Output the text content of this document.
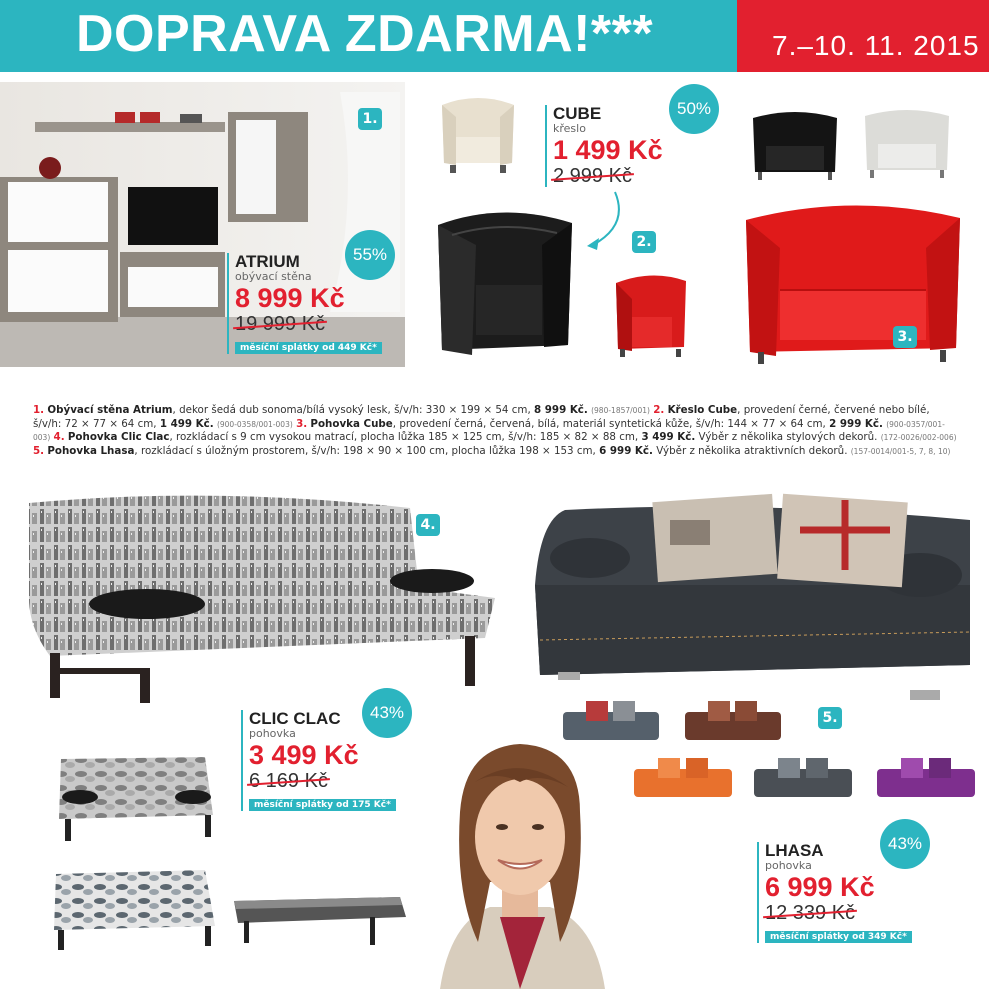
DOPRAVA ZDARMA!***	7.–10. 11. 2015
1.
55%
ATRIUM
obývací stěna
8 999 Kč
19 999 Kč
měsíční splátky od 449 Kč*
50%
CUBE
křeslo
1 499 Kč
2 999 Kč
2.
3.
1. Obývací stěna Atrium, dekor šedá dub sonoma/bílá vysoký lesk, š/v/h: 330 × 199 × 54 cm, 8 999 Kč. (980-1857/001) 2. Křeslo Cube, provedení černé, červené nebo bílé, š/v/h: 72 × 77 × 64 cm, 1 499 Kč. (900-0358/001-003) 3. Pohovka Cube, provedení černá, červená, bílá, materiál syntetická kůže, š/v/h: 144 × 77 × 64 cm, 2 999 Kč. (900-0357/001-003) 4. Pohovka Clic Clac, rozkládací s 9 cm vysokou matrací, plocha lůžka 185 × 125 cm, š/v/h: 185 × 82 × 88 cm, 3 499 Kč. Výběr z několika stylových dekorů. (172-0026/002-006) 5. Pohovka Lhasa, rozkládací s úložným prostorem, š/v/h: 198 × 90 × 100 cm, plocha lůžka 198 × 153 cm, 6 999 Kč. Výběr z několika atraktivních dekorů. (157-0014/001-5, 7, 8, 10)
4.
43%
CLIC CLAC
pohovka
3 499 Kč
6 169 Kč
měsíční splátky od 175 Kč*
5.
43%
LHASA
pohovka
6 999 Kč
12 339 Kč
měsíční splátky od 349 Kč*
